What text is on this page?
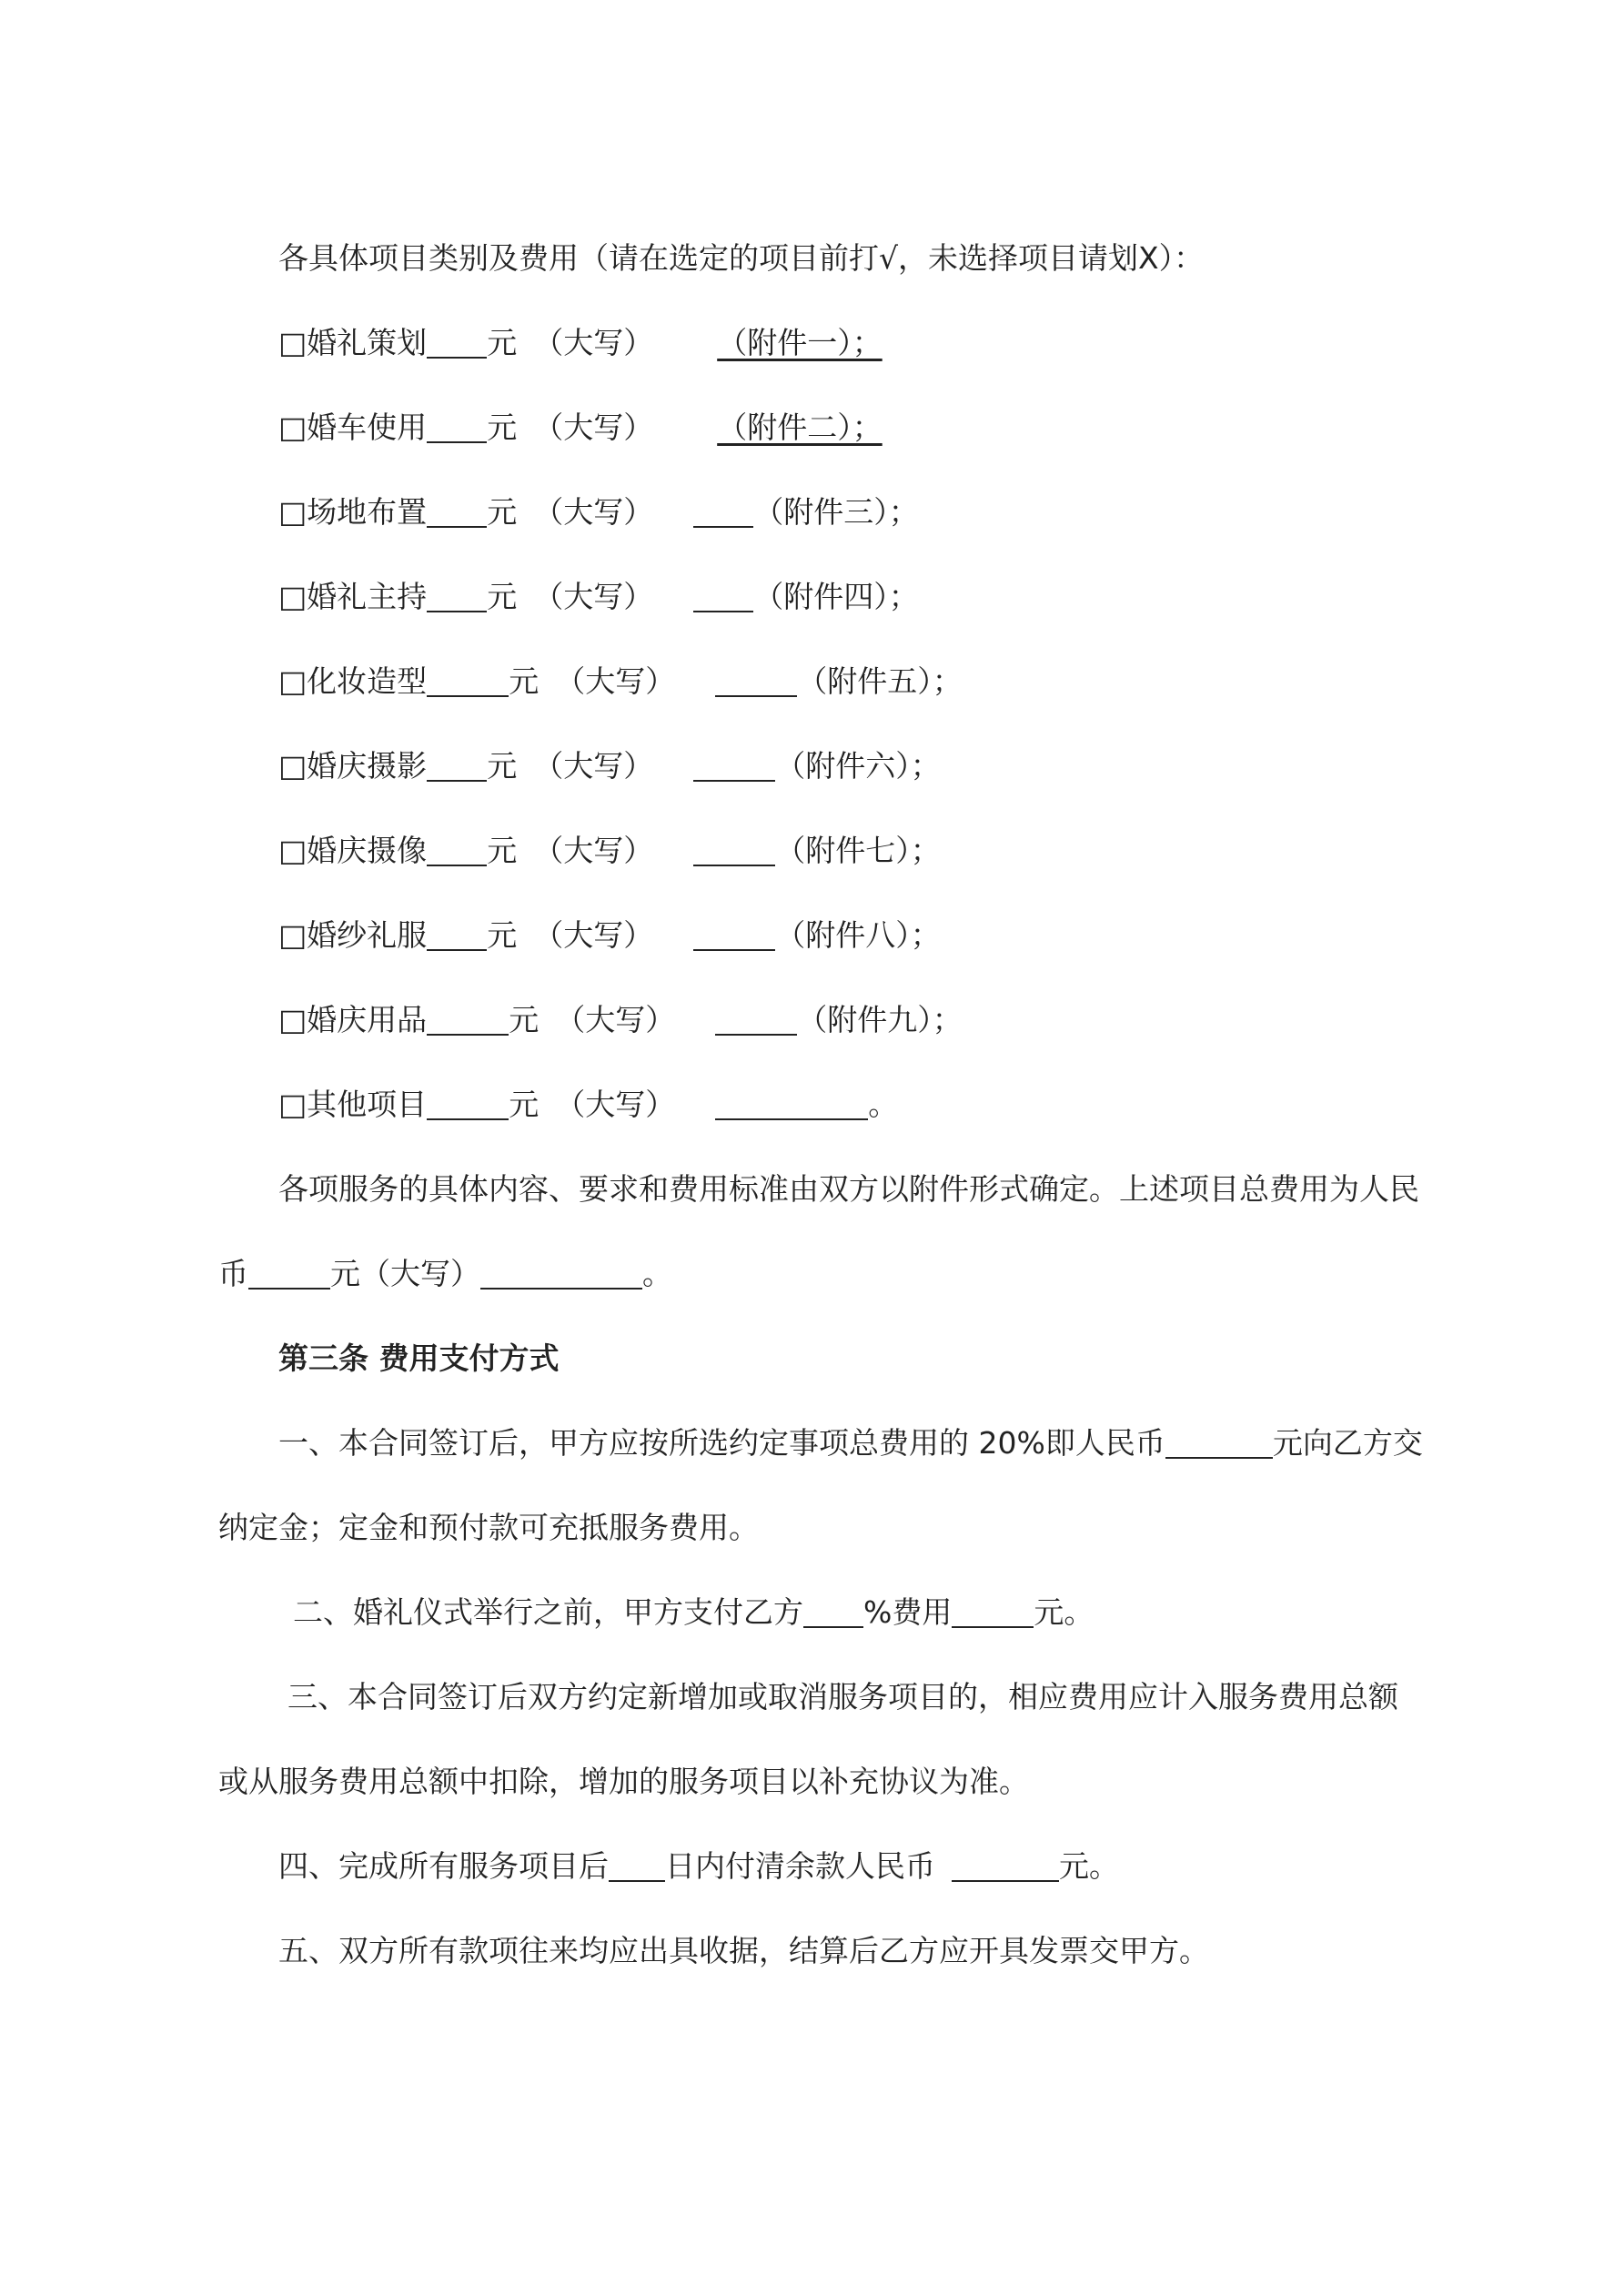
各具体项目类别及费用（请在选定的项目前打√，未选择项目请划X）：
□婚礼策划 元 （大写） （附件一）；
□婚车使用 元 （大写） （附件二）；
□场地布置 元 （大写）	（附件三）；
□婚礼主持 元 （大写）	（附件四）；
□化妆造型	元 （大写）	（附件五）；
□婚庆摄影 元 （大写）	（附件六）；
□婚庆摄像 元 （大写）	（附件七）；
□婚纱礼服 元 （大写）	（附件八）；
□婚庆用品	元 （大写）	（附件九）；
□其他项目	元 （大写）	。
各项服务的具体内容、要求和费用标准由双方以附件形式确定。上述项目总费用为人民
币	元（大写）	。
第三条 费用支付方式
一、本合同签订后，甲方应按所选约定事项总费用的 20%即人民币	元向乙方交
纳定金；定金和预付款可充抵服务费用。
二、婚礼仪式举行之前，甲方支付乙方 %费用	元。
三、本合同签订后双方约定新增加或取消服务项目的，相应费用应计入服务费用总额
或从服务费用总额中扣除，增加的服务项目以补充协议为准。
四、完成所有服务项目后 日内付清余款人民币	元。
五、双方所有款项往来均应出具收据，结算后乙方应开具发票交甲方。
